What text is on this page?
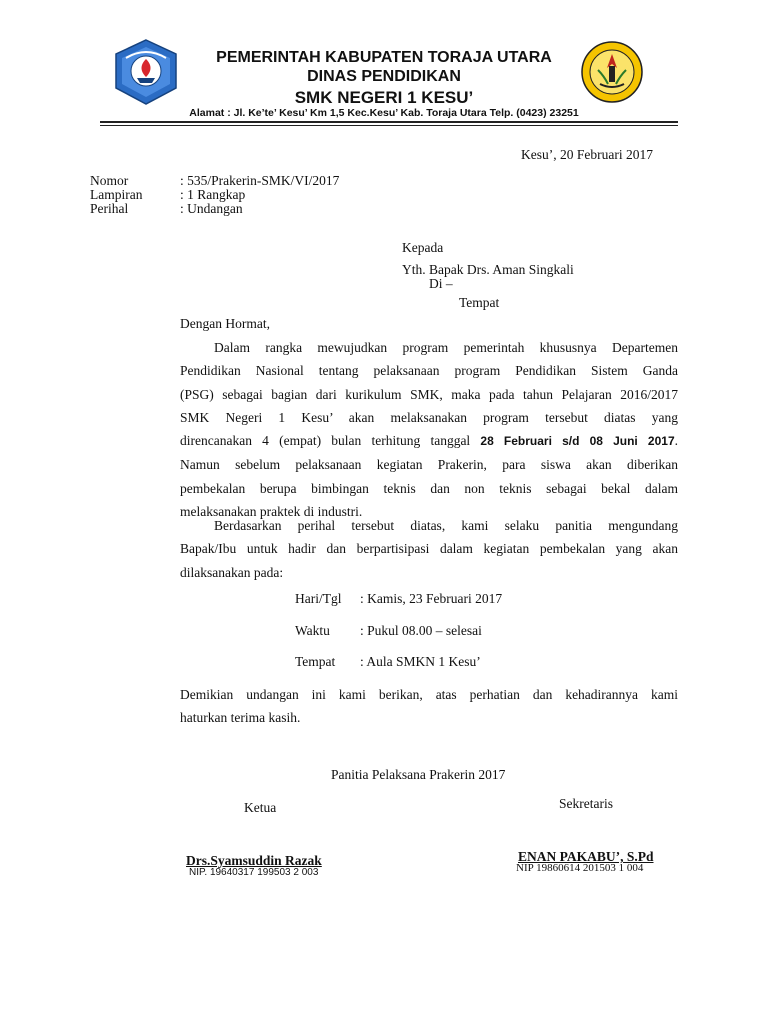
PEMERINTAH KABUPATEN TORAJA UTARA
DINAS PENDIDIKAN
SMK NEGERI 1 KESU’
Alamat : Jl. Ke’te’ Kesu’ Km 1,5 Kec.Kesu’ Kab. Toraja Utara Telp. (0423) 23251
Kesu’, 20 Februari 2017
Nomor	: 535/Prakerin-SMK/VI/2017
Lampiran	: 1 Rangkap
Perihal	: Undangan
Kepada
Yth. Bapak Drs. Aman Singkali
Di –
Tempat
Dengan Hormat,
Dalam rangka mewujudkan program pemerintah khususnya Departemen
Pendidikan Nasional tentang pelaksanaan program Pendidikan Sistem Ganda
(PSG) sebagai bagian dari kurikulum SMK, maka pada tahun Pelajaran 2016/2017
SMK Negeri 1 Kesu’ akan melaksanakan program tersebut diatas yang
direncanakan 4 (empat) bulan terhitung tanggal 28 Februari s/d 08 Juni 2017.
Namun sebelum pelaksanaan kegiatan Prakerin, para siswa akan diberikan
pembekalan berupa bimbingan teknis dan non teknis sebagai bekal dalam
melaksanakan praktek di industri.
Berdasarkan perihal tersebut diatas, kami selaku panitia mengundang
Bapak/Ibu untuk hadir dan berpartisipasi dalam kegiatan pembekalan yang akan
dilaksanakan pada:
Hari/Tgl : Kamis, 23 Februari 2017
Waktu : Pukul 08.00 – selesai
Tempat : Aula SMKN 1 Kesu’
Demikian undangan ini kami berikan, atas perhatian dan kehadirannya kami
haturkan terima kasih.
Panitia Pelaksana Prakerin 2017
Ketua	Sekretaris
Drs.Syamsuddin Razak
NIP. 19640317 199503 2 003
ENAN PAKABU’, S.Pd
NIP 19860614 201503 1 004
